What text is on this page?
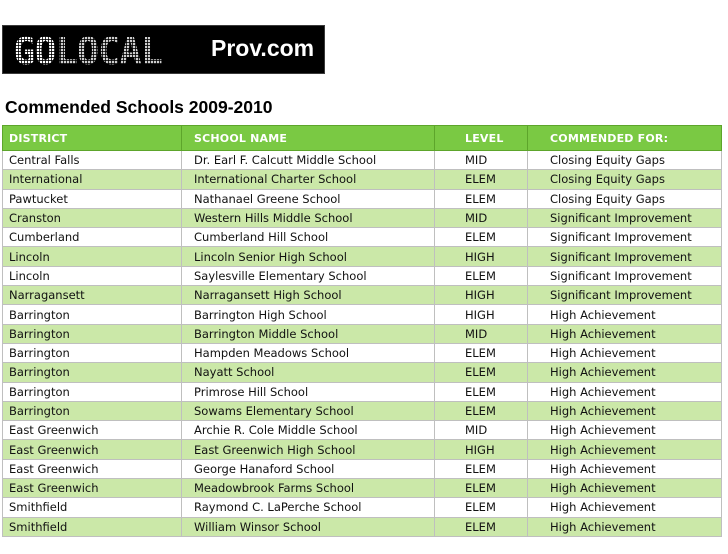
GOLOCAL Prov.com
Commended Schools 2009-2010
DISTRICT	SCHOOL NAME	LEVEL	COMMENDED FOR:
Central Falls	Dr. Earl F. Calcutt Middle School	MID	Closing Equity Gaps
International	International Charter School	ELEM	Closing Equity Gaps
Pawtucket	Nathanael Greene School	ELEM	Closing Equity Gaps
Cranston	Western Hills Middle School	MID	Significant Improvement
Cumberland	Cumberland Hill School	ELEM	Significant Improvement
Lincoln	Lincoln Senior High School	HIGH	Significant Improvement
Lincoln	Saylesville Elementary School	ELEM	Significant Improvement
Narragansett	Narragansett High School	HIGH	Significant Improvement
Barrington	Barrington High School	HIGH	High Achievement
Barrington	Barrington Middle School	MID	High Achievement
Barrington	Hampden Meadows School	ELEM	High Achievement
Barrington	Nayatt School	ELEM	High Achievement
Barrington	Primrose Hill School	ELEM	High Achievement
Barrington	Sowams Elementary School	ELEM	High Achievement
East Greenwich	Archie R. Cole Middle School	MID	High Achievement
East Greenwich	East Greenwich High School	HIGH	High Achievement
East Greenwich	George Hanaford School	ELEM	High Achievement
East Greenwich	Meadowbrook Farms School	ELEM	High Achievement
Smithfield	Raymond C. LaPerche School	ELEM	High Achievement
Smithfield	William Winsor School	ELEM	High Achievement
